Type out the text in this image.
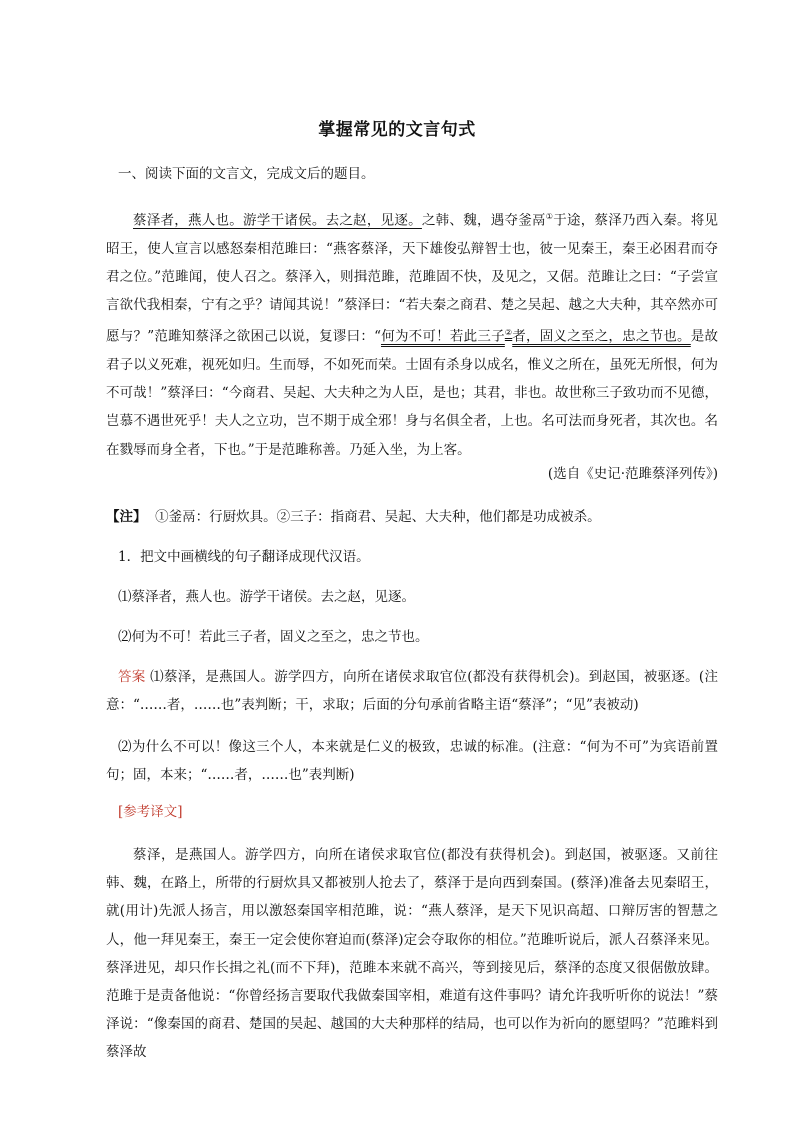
掌握常见的文言句式

一、阅读下面的文言文，完成文后的题目。

蔡泽者，燕人也。游学干诸侯。去之赵，见逐。之韩、魏，遇夺釜鬲①于途，蔡泽乃西入秦。将见昭王，使人宣言以感怒秦相范雎曰：“燕客蔡泽，天下雄俊弘辩智士也，彼一见秦王，秦王必困君而夺君之位。”范雎闻，使人召之。蔡泽入，则揖范雎，范雎固不快，及见之，又倨。范雎让之曰：“子尝宣言欲代我相秦，宁有之乎？请闻其说！”蔡泽曰：“若夫秦之商君、楚之吴起、越之大夫种，其卒然亦可愿与？”范雎知蔡泽之欲困己以说，复谬曰：“何为不可！若此三子②者，固义之至之，忠之节也。是故君子以义死难，视死如归。生而辱，不如死而荣。士固有杀身以成名，惟义之所在，虽死无所恨，何为不可哉！”蔡泽曰：“今商君、吴起、大夫种之为人臣，是也；其君，非也。故世称三子致功而不见德，岂慕不遇世死乎！夫人之立功，岂不期于成全邪！身与名俱全者，上也。名可法而身死者，其次也。名在戮辱而身全者，下也。”于是范雎称善。乃延入坐，为上客。

(选自《史记·范雎蔡泽列传》)

【注】 ①釜鬲：行厨炊具。②三子：指商君、吴起、大夫种，他们都是功成被杀。

1．把文中画横线的句子翻译成现代汉语。

⑴蔡泽者，燕人也。游学干诸侯。去之赵，见逐。

⑵何为不可！若此三子者，固义之至之，忠之节也。

答案 ⑴蔡泽，是燕国人。游学四方，向所在诸侯求取官位(都没有获得机会)。到赵国，被驱逐。(注意：“……者，……也”表判断；干，求取；后面的分句承前省略主语“蔡泽”；“见”表被动)

⑵为什么不可以！像这三个人，本来就是仁义的极致，忠诚的标准。(注意：“何为不可”为宾语前置句；固，本来；“……者，……也”表判断)

[参考译文]

蔡泽，是燕国人。游学四方，向所在诸侯求取官位(都没有获得机会)。到赵国，被驱逐。又前往韩、魏，在路上，所带的行厨炊具又都被别人抢去了，蔡泽于是向西到秦国。(蔡泽)准备去见秦昭王，就(用计)先派人扬言，用以激怒秦国宰相范雎，说：“燕人蔡泽，是天下见识高超、口辩厉害的智慧之人，他一拜见秦王，秦王一定会使你窘迫而(蔡泽)定会夺取你的相位。”范雎听说后，派人召蔡泽来见。蔡泽进见，却只作长揖之礼(而不下拜)，范雎本来就不高兴，等到接见后，蔡泽的态度又很倨傲放肆。范雎于是责备他说：“你曾经扬言要取代我做秦国宰相，难道有这件事吗？请允许我听听你的说法！”蔡泽说：“像秦国的商君、楚国的吴起、越国的大夫种那样的结局，也可以作为祈向的愿望吗？”范雎料到蔡泽故
